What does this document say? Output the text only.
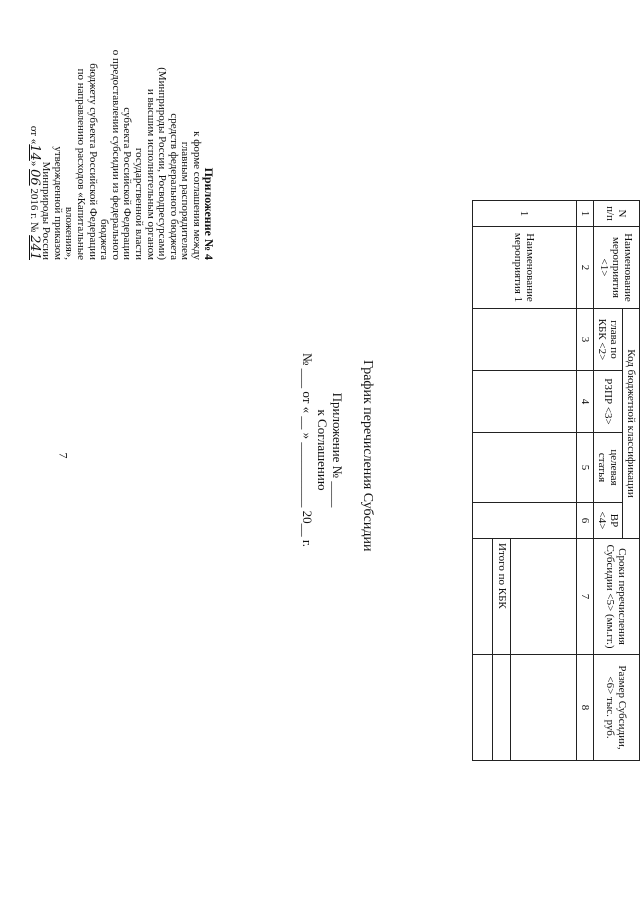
7
Приложение № 4
к форме соглашения между
главным распорядителем
средств федерального бюджета
(Минприроды России, Росводресурсами)
и высшим исполнительным органом
государственной власти
субъекта Российской Федерации
о предоставлении субсидии из федерального бюджета
бюджету субъекта Российской Федерации
по направлению расходов «Капитальные вложения»,
утвержденной приказом
Минприроды России
от «14» 06 2016 г. № 241
Приложение № ____
к Соглашению
№ ___ от « __ » __________ 20__ г.	График перечисления Субсидии
N п/п	Наименование мероприятия <1>	Код бюджетной классификации				Сроки перечисления Субсидии <5> (мм.гг.)	Размер Субсидии, <6> тыс. руб.
		глава по КБК <2>	РЗПР <3>	целевая статья	ВР <4>		
1	2	3	4	5	6	7	8
1	Наименование мероприятия 1						
						Итого по КБК	
